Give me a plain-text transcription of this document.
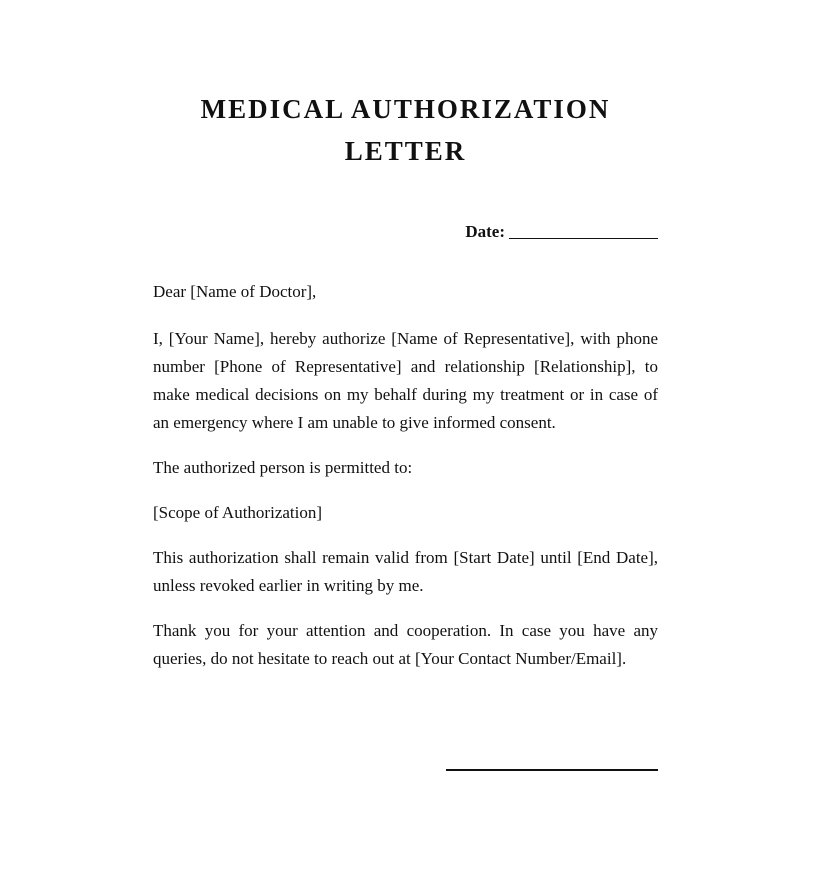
MEDICAL AUTHORIZATION LETTER
Date:

Dear [Name of Doctor],

I, [Your Name], hereby authorize [Name of Representative], with phone number [Phone of Representative] and relationship [Relationship], to make medical decisions on my behalf during my treatment or in case of an emergency where I am unable to give informed consent.

The authorized person is permitted to:

[Scope of Authorization]

This authorization shall remain valid from [Start Date] until [End Date], unless revoked earlier in writing by me.

Thank you for your attention and cooperation. In case you have any queries, do not hesitate to reach out at [Your Contact Number/Email].
